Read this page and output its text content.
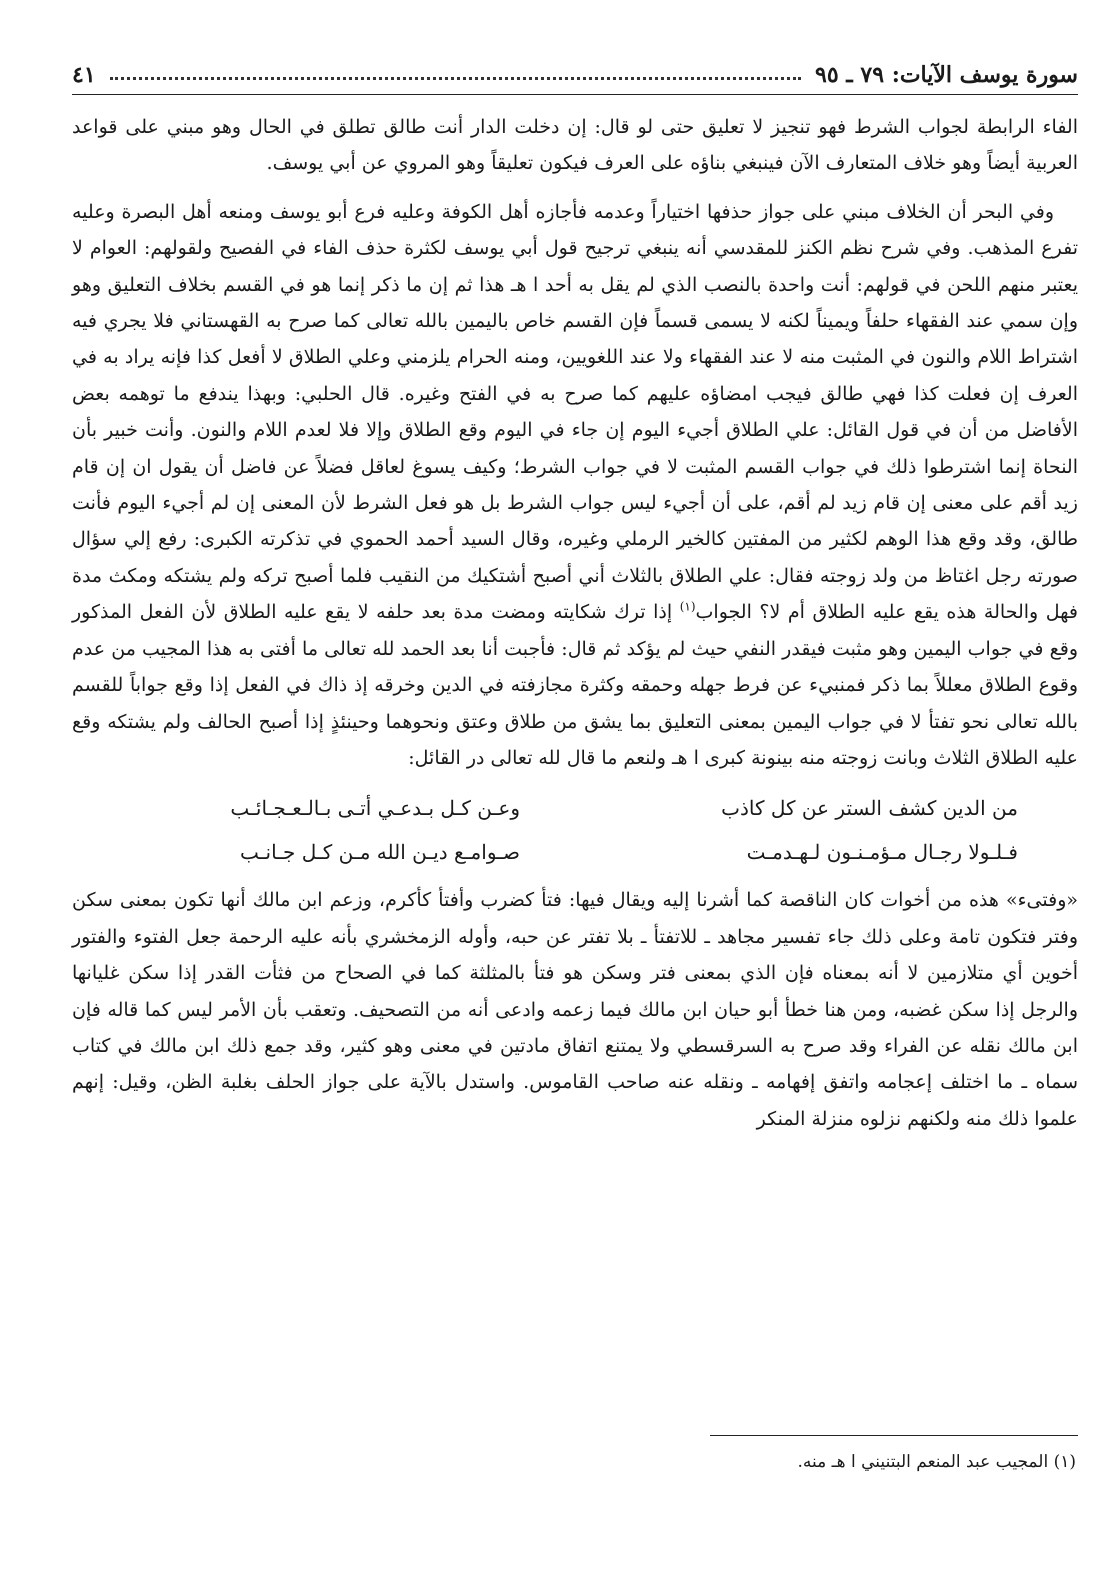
سورة يوسف الآيات: ٧٩ ـ ٩٥
٤١

الفاء الرابطة لجواب الشرط فهو تنجيز لا تعليق حتى لو قال: إن دخلت الدار أنت طالق تطلق في الحال وهو مبني على قواعد العربية أيضاً وهو خلاف المتعارف الآن فينبغي بناؤه على العرف فيكون تعليقاً وهو المروي عن أبي يوسف.

وفي البحر أن الخلاف مبني على جواز حذفها اختياراً وعدمه فأجازه أهل الكوفة وعليه فرع أبو يوسف ومنعه أهل البصرة وعليه تفرع المذهب. وفي شرح نظم الكنز للمقدسي أنه ينبغي ترجيح قول أبي يوسف لكثرة حذف الفاء في الفصيح ولقولهم: العوام لا يعتبر منهم اللحن في قولهم: أنت واحدة بالنصب الذي لم يقل به أحد ا هـ هذا ثم إن ما ذكر إنما هو في القسم بخلاف التعليق وهو وإن سمي عند الفقهاء حلفاً ويميناً لكنه لا يسمى قسماً فإن القسم خاص باليمين بالله تعالى كما صرح به القهستاني فلا يجري فيه اشتراط اللام والنون في المثبت منه لا عند الفقهاء ولا عند اللغويين، ومنه الحرام يلزمني وعلي الطلاق لا أفعل كذا فإنه يراد به في العرف إن فعلت كذا فهي طالق فيجب امضاؤه عليهم كما صرح به في الفتح وغيره. قال الحلبي: وبهذا يندفع ما توهمه بعض الأفاضل من أن في قول القائل: علي الطلاق أجيء اليوم إن جاء في اليوم وقع الطلاق وإلا فلا لعدم اللام والنون. وأنت خبير بأن النحاة إنما اشترطوا ذلك في جواب القسم المثبت لا في جواب الشرط؛ وكيف يسوغ لعاقل فضلاً عن فاضل أن يقول ان إن قام زيد أقم على معنى إن قام زيد لم أقم، على أن أجيء ليس جواب الشرط بل هو فعل الشرط لأن المعنى إن لم أجيء اليوم فأنت طالق، وقد وقع هذا الوهم لكثير من المفتين كالخير الرملي وغيره، وقال السيد أحمد الحموي في تذكرته الكبرى: رفع إلي سؤال صورته رجل اغتاظ من ولد زوجته فقال: علي الطلاق بالثلاث أني أصبح أشتكيك من النقيب فلما أصبح تركه ولم يشتكه ومكث مدة فهل والحالة هذه يقع عليه الطلاق أم لا؟ الجواب$^{(١)}$ إذا ترك شكايته ومضت مدة بعد حلفه لا يقع عليه الطلاق لأن الفعل المذكور وقع في جواب اليمين وهو مثبت فيقدر النفي حيث لم يؤكد ثم قال: فأجبت أنا بعد الحمد لله تعالى ما أفتى به هذا المجيب من عدم وقوع الطلاق معللاً بما ذكر فمنبيء عن فرط جهله وحمقه وكثرة مجازفته في الدين وخرقه إذ ذاك في الفعل إذا وقع جواباً للقسم بالله تعالى نحو تفتأ لا في جواب اليمين بمعنى التعليق بما يشق من طلاق وعتق ونحوهما وحينئذٍ إذا أصبح الحالف ولم يشتكه وقع عليه الطلاق الثلاث وبانت زوجته منه بينونة كبرى ا هـ ولنعم ما قال لله تعالى در القائل:

من الدين كشف الستر عن كل كاذب
وعـن كـل بـدعـي أتـى بـالـعـجـائـب
فـلـولا رجـال مـؤمـنـون لـهـدمـت
صـوامـع ديـن الله مـن كـل جـانـب

«وفتىء» هذه من أخوات كان الناقصة كما أشرنا إليه ويقال فيها: فتأ كضرب وأفتأ كأكرم، وزعم ابن مالك أنها تكون بمعنى سكن وفتر فتكون تامة وعلى ذلك جاء تفسير مجاهد ـ للاتفتأ ـ بلا تفتر عن حبه، وأوله الزمخشري بأنه عليه الرحمة جعل الفتوء والفتور أخوين أي متلازمين لا أنه بمعناه فإن الذي بمعنى فتر وسكن هو فتأ بالمثلثة كما في الصحاح من فثأت القدر إذا سكن غليانها والرجل إذا سكن غضبه، ومن هنا خطأ أبو حيان ابن مالك فيما زعمه وادعى أنه من التصحيف. وتعقب بأن الأمر ليس كما قاله فإن ابن مالك نقله عن الفراء وقد صرح به السرقسطي ولا يمتنع اتفاق مادتين في معنى وهو كثير، وقد جمع ذلك ابن مالك في كتاب سماه ـ ما اختلف إعجامه واتفق إفهامه ـ ونقله عنه صاحب القاموس. واستدل بالآية على جواز الحلف بغلبة الظن، وقيل: إنهم علموا ذلك منه ولكنهم نزلوه منزلة المنكر

(١) المجيب عبد المنعم البتنيني ا هـ منه.
